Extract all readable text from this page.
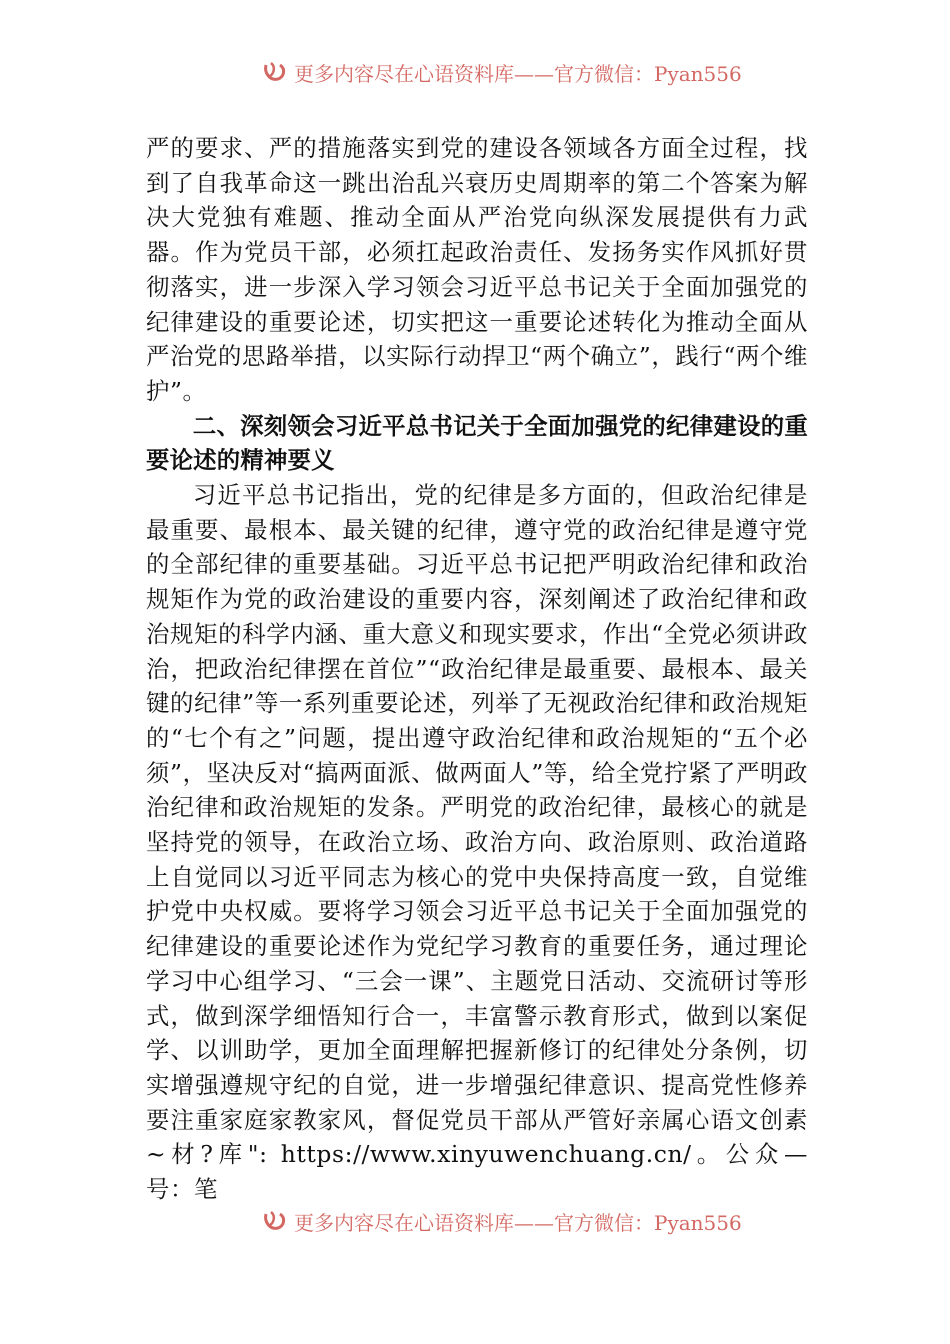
更多内容尽在心语资料库——官方微信：Pyan556

严的要求、严的措施落实到党的建设各领域各方面全过程，找到了自我革命这一跳出治乱兴衰历史周期率的第二个答案为解决大党独有难题、推动全面从严治党向纵深发展提供有力武器。作为党员干部，必须扛起政治责任、发扬务实作风抓好贯彻落实，进一步深入学习领会习近平总书记关于全面加强党的纪律建设的重要论述，切实把这一重要论述转化为推动全面从严治党的思路举措，以实际行动捍卫“两个确立”，践行“两个维护”。

二、深刻领会习近平总书记关于全面加强党的纪律建设的重要论述的精神要义

习近平总书记指出，党的纪律是多方面的，但政治纪律是最重要、最根本、最关键的纪律，遵守党的政治纪律是遵守党的全部纪律的重要基础。习近平总书记把严明政治纪律和政治规矩作为党的政治建设的重要内容，深刻阐述了政治纪律和政治规矩的科学内涵、重大意义和现实要求，作出“全党必须讲政治，把政治纪律摆在首位”“政治纪律是最重要、最根本、最关键的纪律”等一系列重要论述，列举了无视政治纪律和政治规矩的“七个有之”问题，提出遵守政治纪律和政治规矩的“五个必须”，坚决反对“搞两面派、做两面人”等，给全党拧紧了严明政治纪律和政治规矩的发条。严明党的政治纪律，最核心的就是坚持党的领导，在政治立场、政治方向、政治原则、政治道路上自觉同以习近平同志为核心的党中央保持高度一致，自觉维护党中央权威。要将学习领会习近平总书记关于全面加强党的纪律建设的重要论述作为党纪学习教育的重要任务，通过理论学习中心组学习、“三会一课”、主题党日活动、交流研讨等形式，做到深学细悟知行合一，丰富警示教育形式，做到以案促学、以训助学，更加全面理解把握新修订的纪律处分条例，切实增强遵规守纪的自觉，进一步增强纪律意识、提高党性修养要注重家庭家教家风，督促党员干部从严管好亲属心语文创素~材?库": https://www.xinyuwenchuang.cn/。公众—号：笔

更多内容尽在心语资料库——官方微信：Pyan556
